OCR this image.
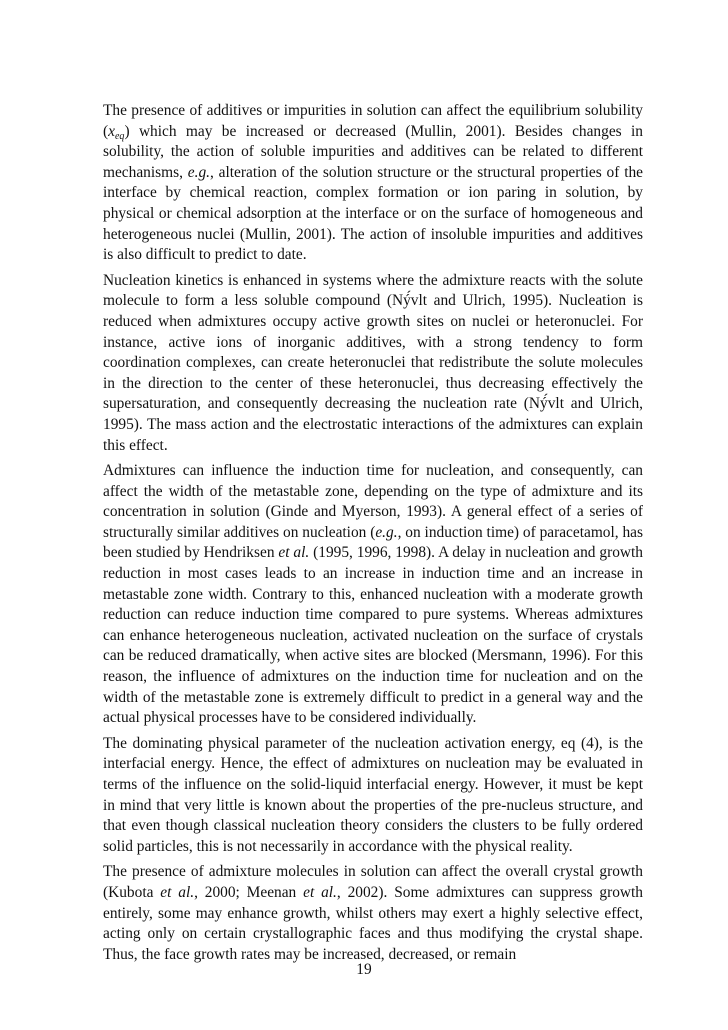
The presence of additives or impurities in solution can affect the equilibrium solubility $(x_{eq})$ which may be increased or decreased (Mullin, 2001). Besides changes in solubility, the action of soluble impurities and additives can be related to different mechanisms, e.g., alteration of the solution structure or the structural properties of the interface by chemical reaction, complex formation or ion paring in solution, by physical or chemical adsorption at the interface or on the surface of homogeneous and heterogeneous nuclei (Mullin, 2001). The action of insoluble impurities and additives is also difficult to predict to date.

Nucleation kinetics is enhanced in systems where the admixture reacts with the solute molecule to form a less soluble compound (Ný́vlt and Ulrich, 1995). Nucleation is reduced when admixtures occupy active growth sites on nuclei or heteronuclei. For instance, active ions of inorganic additives, with a strong tendency to form coordination complexes, can create heteronuclei that redistribute the solute molecules in the direction to the center of these heteronuclei, thus decreasing effectively the supersaturation, and consequently decreasing the nucleation rate (Ný́vlt and Ulrich, 1995). The mass action and the electrostatic interactions of the admixtures can explain this effect.

Admixtures can influence the induction time for nucleation, and consequently, can affect the width of the metastable zone, depending on the type of admixture and its concentration in solution (Ginde and Myerson, 1993). A general effect of a series of structurally similar additives on nucleation (e.g., on induction time) of paracetamol, has been studied by Hendriksen et al. (1995, 1996, 1998). A delay in nucleation and growth reduction in most cases leads to an increase in induction time and an increase in metastable zone width. Contrary to this, enhanced nucleation with a moderate growth reduction can reduce induction time compared to pure systems. Whereas admixtures can enhance heterogeneous nucleation, activated nucleation on the surface of crystals can be reduced dramatically, when active sites are blocked (Mersmann, 1996). For this reason, the influence of admixtures on the induction time for nucleation and on the width of the metastable zone is extremely difficult to predict in a general way and the actual physical processes have to be considered individually.

The dominating physical parameter of the nucleation activation energy, eq (4), is the interfacial energy. Hence, the effect of admixtures on nucleation may be evaluated in terms of the influence on the solid-liquid interfacial energy. However, it must be kept in mind that very little is known about the properties of the pre-nucleus structure, and that even though classical nucleation theory considers the clusters to be fully ordered solid particles, this is not necessarily in accordance with the physical reality.

The presence of admixture molecules in solution can affect the overall crystal growth (Kubota et al., 2000; Meenan et al., 2002). Some admixtures can suppress growth entirely, some may enhance growth, whilst others may exert a highly selective effect, acting only on certain crystallographic faces and thus modifying the crystal shape. Thus, the face growth rates may be increased, decreased, or remain

19
